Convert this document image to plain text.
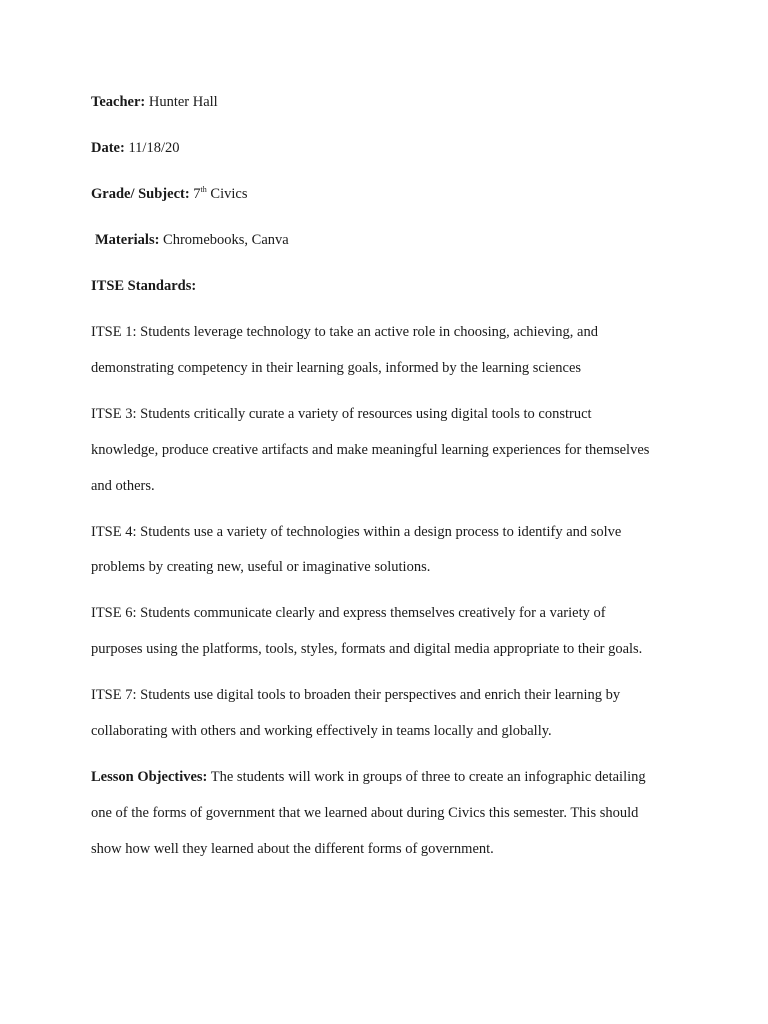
Teacher: Hunter Hall
Date: 11/18/20
Grade/ Subject: 7th Civics
Materials: Chromebooks, Canva
ITSE Standards:
ITSE 1: Students leverage technology to take an active role in choosing, achieving, and
demonstrating competency in their learning goals, informed by the learning sciences
ITSE 3: Students critically curate a variety of resources using digital tools to construct
knowledge, produce creative artifacts and make meaningful learning experiences for themselves
and others.
ITSE 4: Students use a variety of technologies within a design process to identify and solve
problems by creating new, useful or imaginative solutions.
ITSE 6: Students communicate clearly and express themselves creatively for a variety of
purposes using the platforms, tools, styles, formats and digital media appropriate to their goals.
ITSE 7: Students use digital tools to broaden their perspectives and enrich their learning by
collaborating with others and working effectively in teams locally and globally.
Lesson Objectives: The students will work in groups of three to create an infographic detailing
one of the forms of government that we learned about during Civics this semester. This should
show how well they learned about the different forms of government.
